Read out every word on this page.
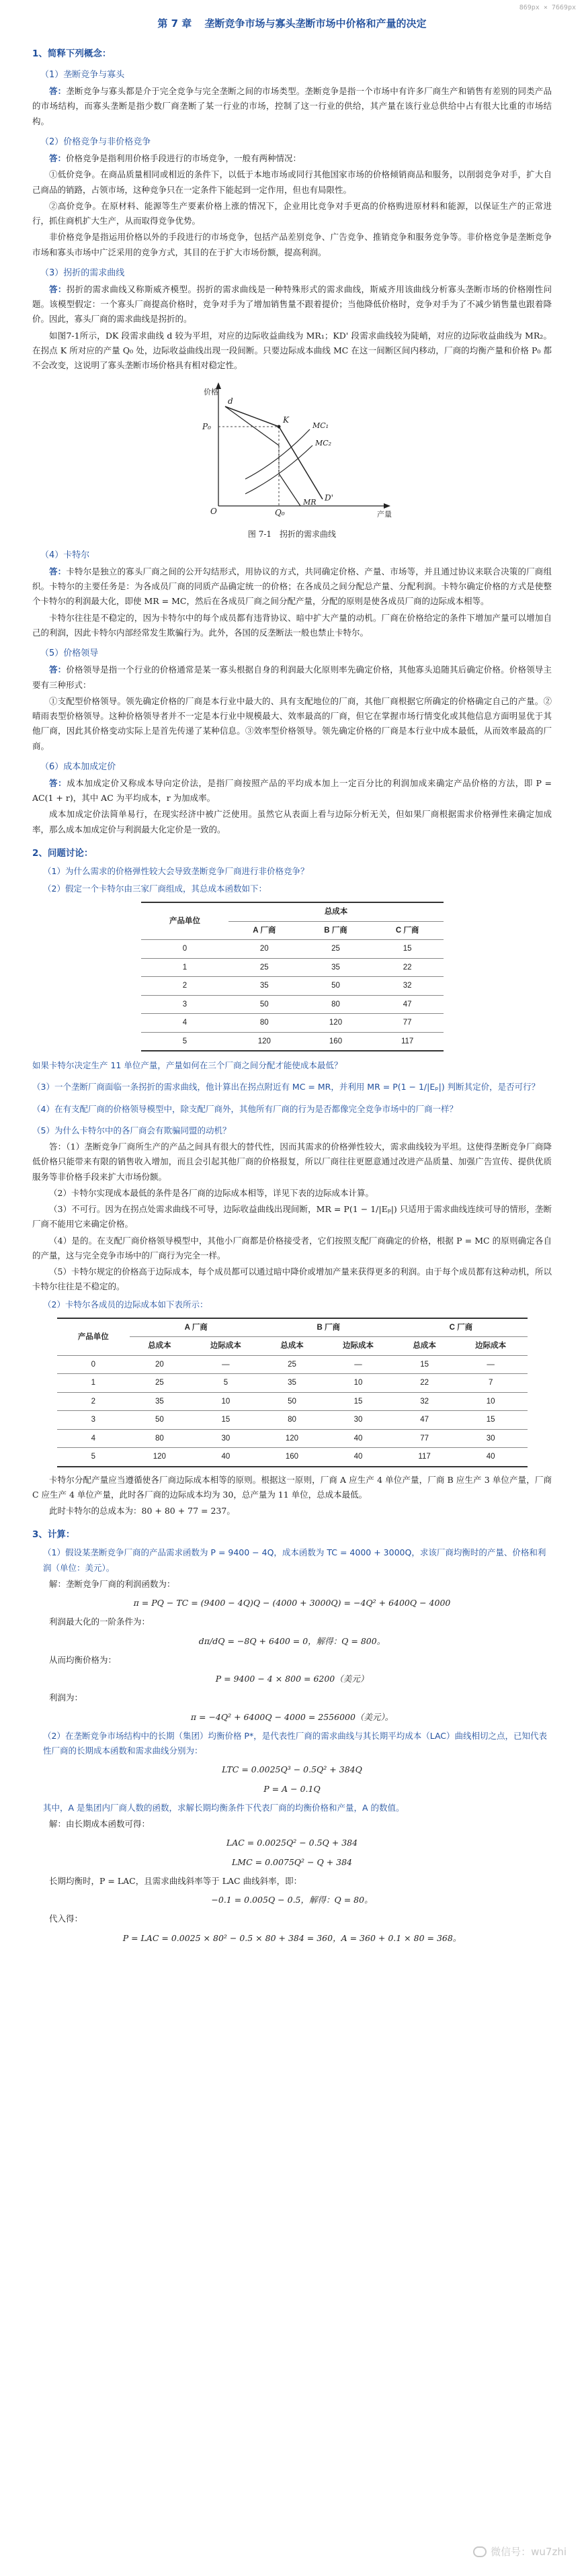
869px × 7669px
第 7 章 垄断竞争市场与寡头垄断市场中价格和产量的决定
1、简释下列概念：
（1）垄断竞争与寡头

答：垄断竞争与寡头都是介于完全竞争与完全垄断之间的市场类型。垄断竞争是指一个市场中有许多厂商生产和销售有差别的同类产品的市场结构，而寡头垄断是指少数厂商垄断了某一行业的市场，控制了这一行业的供给，其产量在该行业总供给中占有很大比重的市场结构。

（2）价格竞争与非价格竞争

答：价格竞争是指利用价格手段进行的市场竞争，一般有两种情况：

①低价竞争。在商品质量相同或相近的条件下，以低于本地市场或同行其他国家市场的价格倾销商品和服务，以削弱竞争对手，扩大自己商品的销路，占领市场，这种竞争只在一定条件下能起到一定作用，但也有局限性。

②高价竞争。在原材料、能源等生产要素价格上涨的情况下，企业用比竞争对手更高的价格购进原材料和能源，以保证生产的正常进行，抓住商机扩大生产，从而取得竞争优势。

非价格竞争是指运用价格以外的手段进行的市场竞争，包括产品差别竞争、广告竞争、推销竞争和服务竞争等。非价格竞争是垄断竞争市场和寡头市场中广泛采用的竞争方式，其目的在于扩大市场份额，提高利润。

（3）拐折的需求曲线

答：拐折的需求曲线又称斯威齐模型。拐折的需求曲线是一种特殊形式的需求曲线，斯威齐用该曲线分析寡头垄断市场的价格刚性问题。该模型假定：一个寡头厂商提高价格时，竞争对手为了增加销售量不跟着提价；当他降低价格时，竞争对手为了不减少销售量也跟着降价。因此，寡头厂商的需求曲线是拐折的。

如图7-1所示，DK 段需求曲线 d 较为平坦，对应的边际收益曲线为 MR₁；KD' 段需求曲线较为陡峭，对应的边际收益曲线为 MR₂。在拐点 K 所对应的产量 Q₀ 处，边际收益曲线出现一段间断。只要边际成本曲线 MC 在这一间断区间内移动，厂商的均衡产量和价格 P₀ 都不会改变，这说明了寡头垄断市场价格具有相对稳定性。

价格
产量
O
P₀
Q₀
K
d
D'
MR
MC₁
MC₂
图 7-1　拐折的需求曲线
（4）卡特尔

答：卡特尔是独立的寡头厂商之间的公开勾结形式，用协议的方式，共同确定价格、产量、市场等，并且通过协议来联合决策的厂商组织。卡特尔的主要任务是：为各成员厂商的同质产品确定统一的价格；在各成员之间分配总产量、分配利润。卡特尔确定价格的方式是使整个卡特尔的利润最大化，即使 MR = MC，然后在各成员厂商之间分配产量，分配的原则是使各成员厂商的边际成本相等。

卡特尔往往是不稳定的，因为卡特尔中的每个成员都有违背协议、暗中扩大产量的动机。厂商在价格给定的条件下增加产量可以增加自己的利润，因此卡特尔内部经常发生欺骗行为。此外，各国的反垄断法一般也禁止卡特尔。

（5）价格领导

答：价格领导是指一个行业的价格通常是某一寡头根据自身的利润最大化原则率先确定价格，其他寡头追随其后确定价格。价格领导主要有三种形式：

①支配型价格领导。领先确定价格的厂商是本行业中最大的、具有支配地位的厂商，其他厂商根据它所确定的价格确定自己的产量。②晴雨表型价格领导。这种价格领导者并不一定是本行业中规模最大、效率最高的厂商，但它在掌握市场行情变化或其他信息方面明显优于其他厂商，因此其价格变动实际上是首先传递了某种信息。③效率型价格领导。领先确定价格的厂商是本行业中成本最低，从而效率最高的厂商。

（6）成本加成定价

答：成本加成定价又称成本导向定价法，是指厂商按照产品的平均成本加上一定百分比的利润加成来确定产品价格的方法，即 P = AC(1 + r)，其中 AC 为平均成本，r 为加成率。

成本加成定价法简单易行，在现实经济中被广泛使用。虽然它从表面上看与边际分析无关，但如果厂商根据需求价格弹性来确定加成率，那么成本加成定价与利润最大化定价是一致的。

2、问题讨论：
（1）为什么需求的价格弹性较大会导致垄断竞争厂商进行非价格竞争？
（2）假定一个卡特尔由三家厂商组成，其总成本函数如下：
产品单位	总成本		
	A 厂商	B 厂商	C 厂商
0	20	25	15
1	25	35	22
2	35	50	32
3	50	80	47
4	80	120	77
5	120	160	117
如果卡特尔决定生产 11 单位产量，产量如何在三个厂商之间分配才能使成本最低？
（3）一个垄断厂商面临一条拐折的需求曲线，他计算出在拐点附近有 MC = MR，并利用 MR = P(1 − 1/|Eₚ|) 判断其定价，是否可行？
（4）在有支配厂商的价格领导模型中，除支配厂商外，其他所有厂商的行为是否都像完全竞争市场中的厂商一样？
（5）为什么卡特尔中的各厂商会有欺骗同盟的动机？

答：（1）垄断竞争厂商所生产的产品之间具有很大的替代性，因而其需求的价格弹性较大，需求曲线较为平坦。这使得垄断竞争厂商降低价格只能带来有限的销售收入增加，而且会引起其他厂商的价格报复，所以厂商往往更愿意通过改进产品质量、加强广告宣传、提供优质服务等非价格手段来扩大市场份额。

（2）卡特尔实现成本最低的条件是各厂商的边际成本相等，详见下表的边际成本计算。

（3）不可行。因为在拐点处需求曲线不可导，边际收益曲线出现间断，MR = P(1 − 1/|Eₚ|) 只适用于需求曲线连续可导的情形，垄断厂商不能用它来确定价格。

（4）是的。在支配厂商价格领导模型中，其他小厂商都是价格接受者，它们按照支配厂商确定的价格，根据 P = MC 的原则确定各自的产量，这与完全竞争市场中的厂商行为完全一样。

（5）卡特尔规定的价格高于边际成本，每个成员都可以通过暗中降价或增加产量来获得更多的利润。由于每个成员都有这种动机，所以卡特尔往往是不稳定的。

（2）卡特尔各成员的边际成本如下表所示：
产品单位	A 厂商		B 厂商		C 厂商	
	总成本	边际成本	总成本	边际成本	总成本	边际成本
0	20	—	25	—	15	—
1	25	5	35	10	22	7
2	35	10	50	15	32	10
3	50	15	80	30	47	15
4	80	30	120	40	77	30
5	120	40	160	40	117	40

卡特尔分配产量应当遵循使各厂商边际成本相等的原则。根据这一原则，厂商 A 应生产 4 单位产量，厂商 B 应生产 3 单位产量，厂商 C 应生产 4 单位产量，此时各厂商的边际成本均为 30，总产量为 11 单位，总成本最低。

此时卡特尔的总成本为：80 + 80 + 77 = 237。

3、计算：
（1）假设某垄断竞争厂商的产品需求函数为 P = 9400 − 4Q，成本函数为 TC = 4000 + 3000Q，求该厂商均衡时的产量、价格和利润（单位：美元）。

解：垄断竞争厂商的利润函数为：

π = PQ − TC = (9400 − 4Q)Q − (4000 + 3000Q) = −4Q² + 6400Q − 4000

利润最大化的一阶条件为：

dπ/dQ = −8Q + 6400 = 0，解得：Q = 800。

从而均衡价格为：

P = 9400 − 4 × 800 = 6200（美元）

利润为：

π = −4Q² + 6400Q − 4000 = 2556000（美元）。
（2）在垄断竞争市场结构中的长期（集团）均衡价格 P*，是代表性厂商的需求曲线与其长期平均成本（LAC）曲线相切之点，已知代表性厂商的长期成本函数和需求曲线分别为：
LTC = 0.0025Q³ − 0.5Q² + 384Q
P = A − 0.1Q
其中，A 是集团内厂商人数的函数，求解长期均衡条件下代表厂商的均衡价格和产量，A 的数值。

解：由长期成本函数可得：

LAC = 0.0025Q² − 0.5Q + 384
LMC = 0.0075Q² − Q + 384

长期均衡时，P = LAC，且需求曲线斜率等于 LAC 曲线斜率，即：

−0.1 = 0.005Q − 0.5，解得：Q = 80。

代入得：

P = LAC = 0.0025 × 80² − 0.5 × 80 + 384 = 360，A = 360 + 0.1 × 80 = 368。
微信号：wu7zhi
